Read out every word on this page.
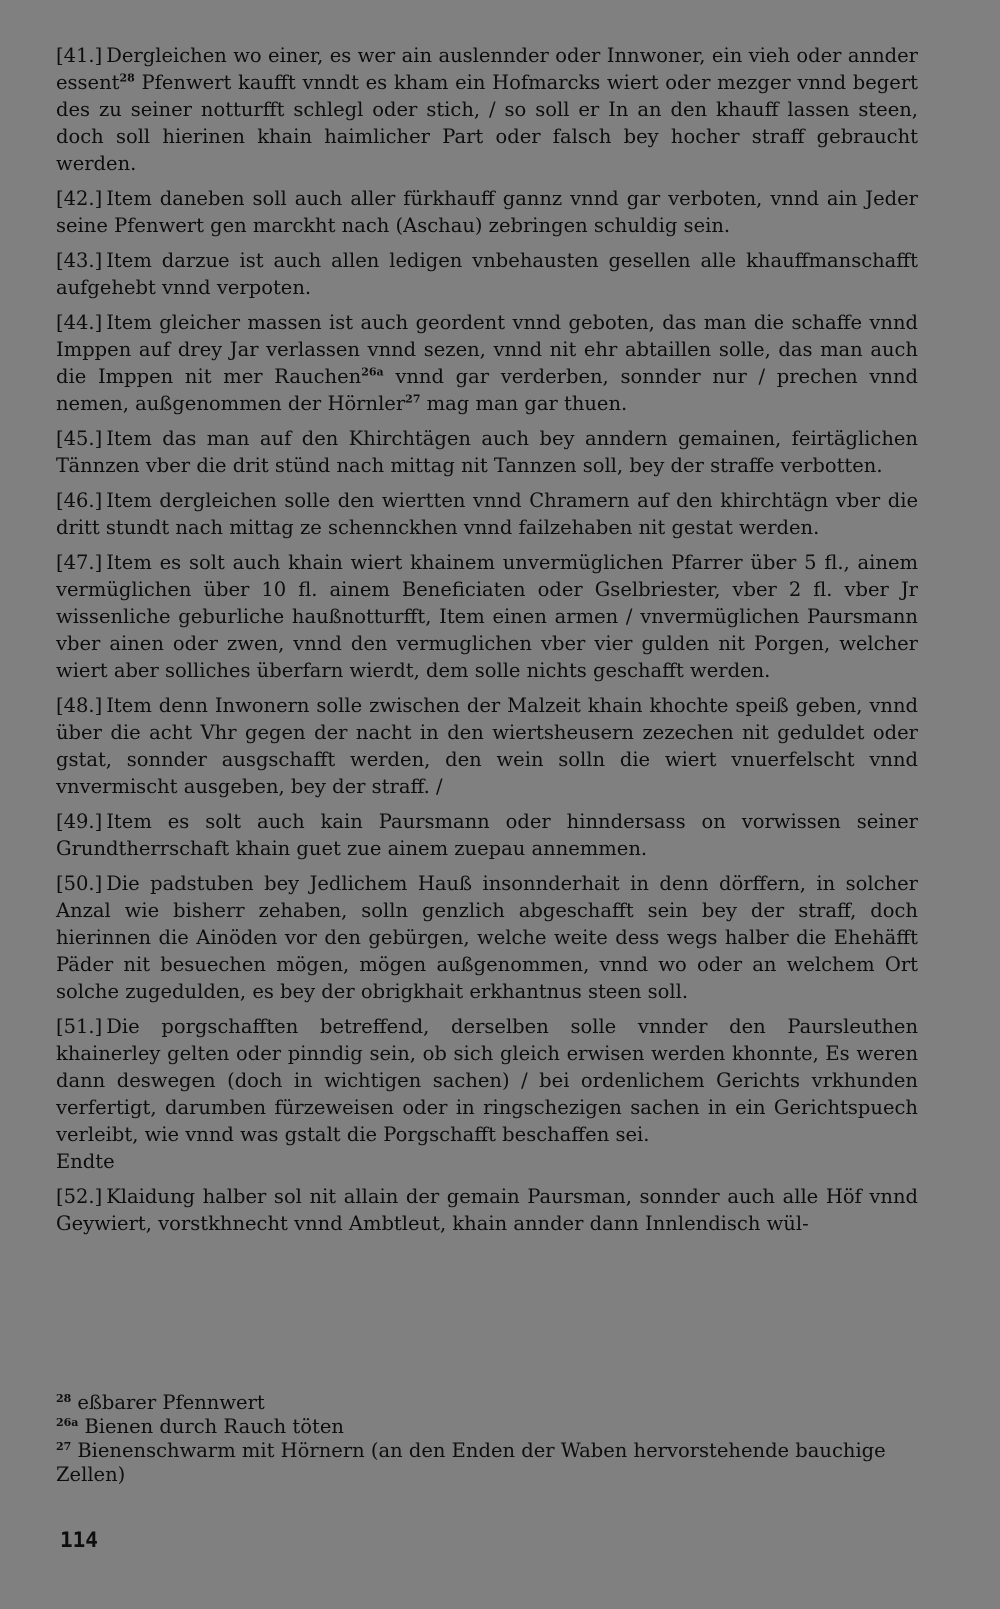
[41.] Dergleichen wo einer, es wer ain auslennder oder Innwoner, ein vieh oder annder essent$^{28}$ Pfenwert kaufft vnndt es kham ein Hofmarcks wiert oder mezger vnnd begert des zu seiner notturfft schlegl oder stich, / so soll er In an den khauff lassen steen, doch soll hierinen khain haimlicher Part oder falsch bey hocher straff gebraucht werden.

[42.] Item daneben soll auch aller fürkhauff gannz vnnd gar verboten, vnnd ain Jeder seine Pfenwert gen marckht nach (Aschau) zebringen schuldig sein.

[43.] Item darzue ist auch allen ledigen vnbehausten gesellen alle khauffmanschafft aufgehebt vnnd verpoten.

[44.] Item gleicher massen ist auch geordent vnnd geboten, das man die schaffe vnnd Imppen auf drey Jar verlassen vnnd sezen, vnnd nit ehr abtaillen solle, das man auch die Imppen nit mer Rauchen$^{26a}$ vnnd gar verderben, sonnder nur / prechen vnnd nemen, außgenommen der Hörnler$^{27}$ mag man gar thuen.

[45.] Item das man auf den Khirchtägen auch bey anndern gemainen, feirtäglichen Tännzen vber die drit stünd nach mittag nit Tannzen soll, bey der straffe verbotten.

[46.] Item dergleichen solle den wiertten vnnd Chramern auf den khirchtägn vber die dritt stundt nach mittag ze schennckhen vnnd failzehaben nit gestat werden.

[47.] Item es solt auch khain wiert khainem unvermüglichen Pfarrer über 5 fl., ainem vermüglichen über 10 fl. ainem Beneficiaten oder Gselbriester, vber 2 fl. vber Jr wissenliche geburliche haußnotturfft, Item einen armen / vnvermüglichen Paursmann vber ainen oder zwen, vnnd den vermuglichen vber vier gulden nit Porgen, welcher wiert aber solliches überfarn wierdt, dem solle nichts geschafft werden.

[48.] Item denn Inwonern solle zwischen der Malzeit khain khochte speiß geben, vnnd über die acht Vhr gegen der nacht in den wiertsheusern zezechen nit geduldet oder gstat, sonnder ausgschafft werden, den wein solln die wiert vnuerfelscht vnnd vnvermischt ausgeben, bey der straff. /

[49.] Item es solt auch kain Paursmann oder hinndersass on vorwissen seiner Grundtherrschaft khain guet zue ainem zuepau annemmen.

[50.] Die padstuben bey Jedlichem Hauß insonnderhait in denn dörffern, in solcher Anzal wie bisherr zehaben, solln genzlich abgeschafft sein bey der straff, doch hierinnen die Ainöden vor den gebürgen, welche weite dess wegs halber die Ehehäfft Päder nit besuechen mögen, mögen außgenommen, vnnd wo oder an welchem Ort solche zugedulden, es bey der obrigkhait erkhantnus steen soll.

[51.] Die porgschafften betreffend, derselben solle vnnder den Paursleuthen khainerley gelten oder pinndig sein, ob sich gleich erwisen werden khonnte, Es weren dann deswegen (doch in wichtigen sachen) / bei ordenlichem Gerichts vrkhunden verfertigt, darumben fürzeweisen oder in ringschezigen sachen in ein Gerichtspuech verleibt, wie vnnd was gstalt die Porgschafft beschaffen sei.

Endte

[52.] Klaidung halber sol nit allain der gemain Paursman, sonnder auch alle Höf vnnd Geywiert, vorstkhnecht vnnd Ambtleut, khain annder dann Innlendisch wül-

$^{28}$ eßbarer Pfennwert

$^{26a}$ Bienen durch Rauch töten

$^{27}$ Bienenschwarm mit Hörnern (an den Enden der Waben hervorstehende bauchige Zellen)

114
